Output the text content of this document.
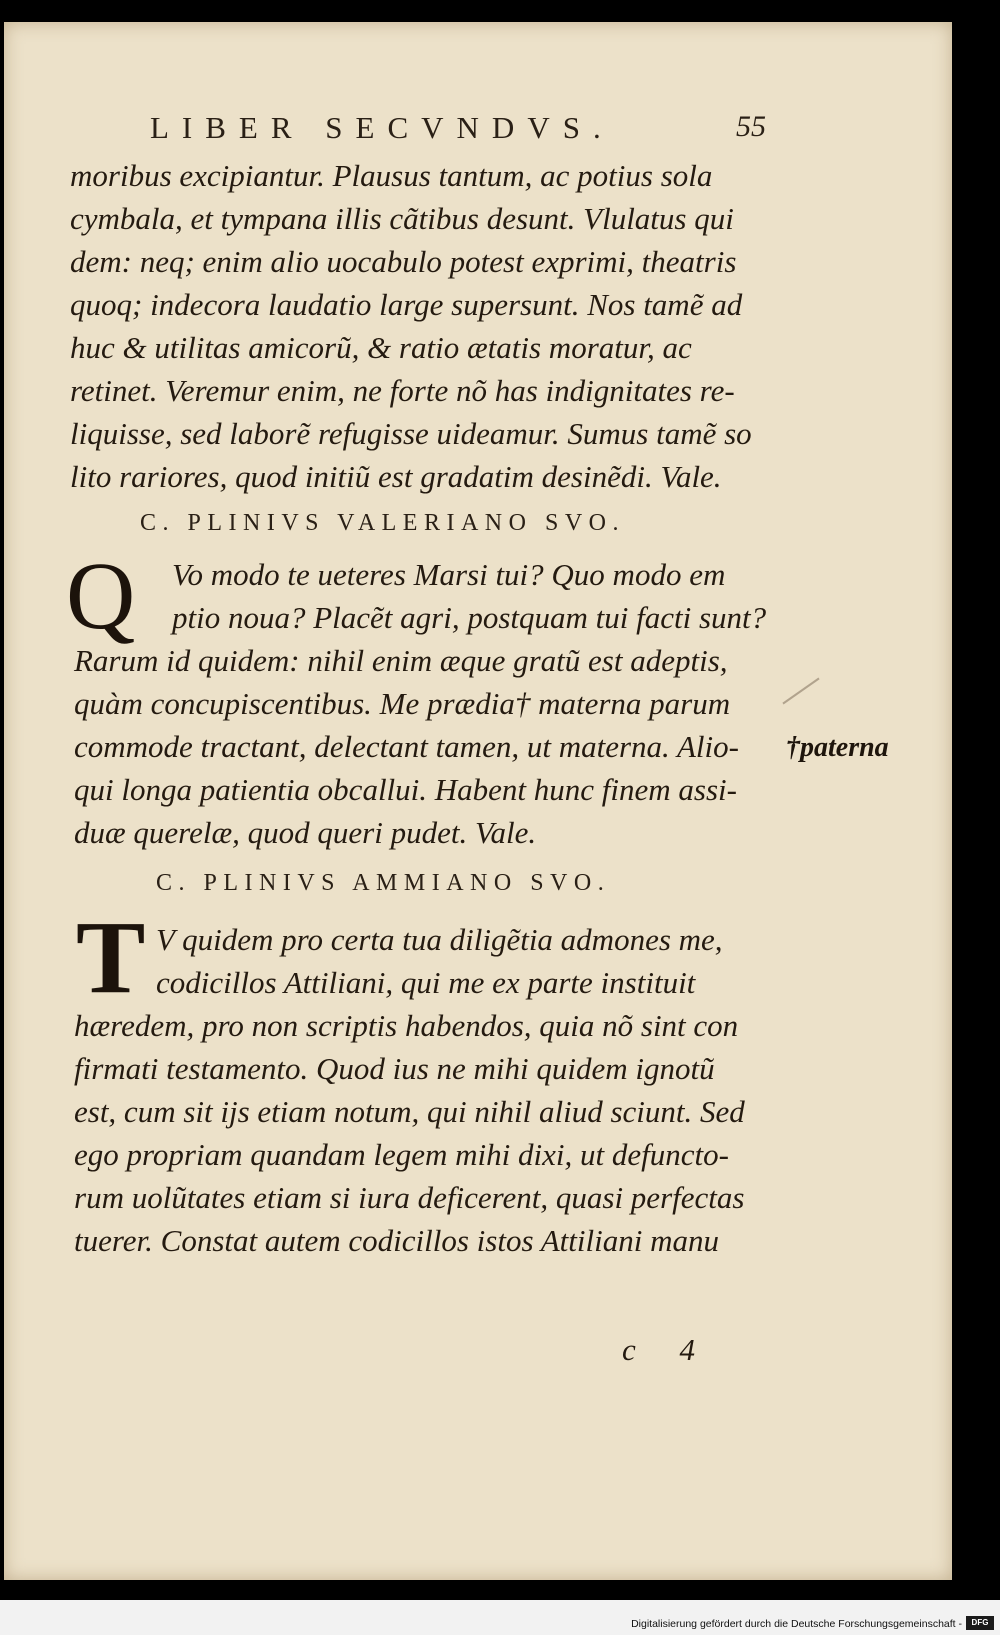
LIBER SECVNDVS.	55
moribus excipiantur. Plausus tantum, ac potius sola
cymbala, et tympana illis cãtibus desunt. Vlulatus qui
dem: neq; enim alio uocabulo potest exprimi, theatris
quoq; indecora laudatio large supersunt. Nos tamẽ ad
huc & utilitas amicorũ, & ratio ætatis moratur, ac
retinet. Veremur enim, ne forte nõ has indignitates re-
liquisse, sed laborẽ refugisse uideamur. Sumus tamẽ so
lito rariores, quod initiũ est gradatim desinẽdi. Vale.
C. PLINIVS VALERIANO SVO.
Q Vo modo te ueteres Marsi tui? Quo modo em
ptio noua? Placẽt agri, postquam tui facti sunt?
Rarum id quidem: nihil enim æque gratũ est adeptis,
quàm concupiscentibus. Me prædia† materna parum
commode tractant, delectant tamen, ut materna. Alio-
qui longa patientia obcallui. Habent hunc finem assi-
duæ querelæ, quod queri pudet. Vale.
†paterna
C. PLINIVS AMMIANO SVO.
T V quidem pro certa tua diligẽtia admones me,
codicillos Attiliani, qui me ex parte instituit
hæredem, pro non scriptis habendos, quia nõ sint con
firmati testamento. Quod ius ne mihi quidem ignotũ
est, cum sit ijs etiam notum, qui nihil aliud sciunt. Sed
ego propriam quandam legem mihi dixi, ut defuncto-
rum uolũtates etiam si iura deficerent, quasi perfectas
tuerer. Constat autem codicillos istos Attiliani manu
c 4
Digitalisierung gefördert durch die Deutsche Forschungsgemeinschaft -	DFG
